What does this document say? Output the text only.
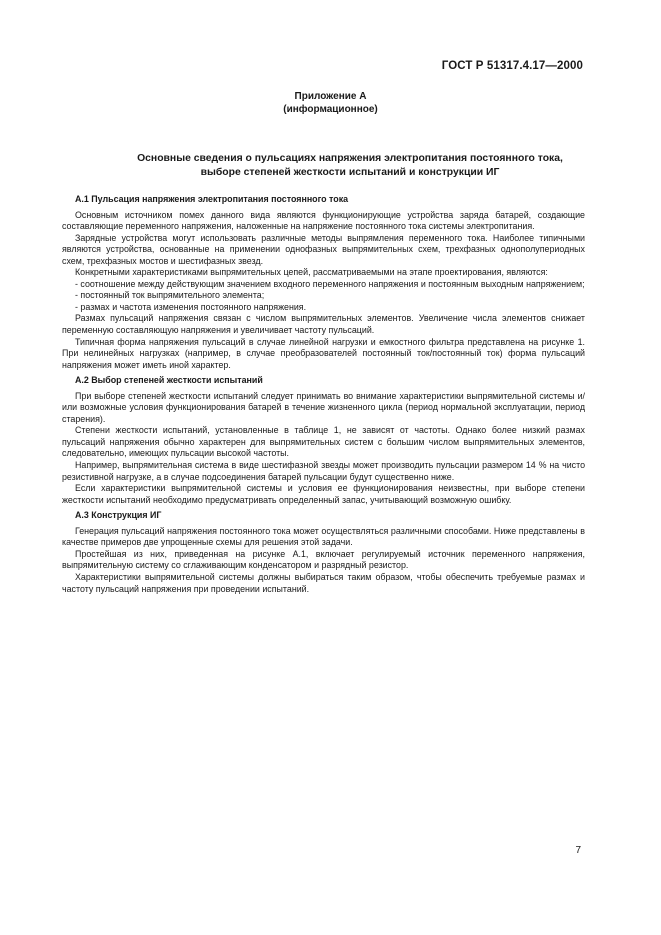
ГОСТ Р 51317.4.17—2000
Приложение А
(информационное)
Основные сведения о пульсациях напряжения электропитания постоянного тока,
выборе степеней жесткости испытаний и конструкции ИГ

А.1 Пульсация напряжения электропитания постоянного тока

Основным источником помех данного вида являются функционирующие устройства заряда батарей, создающие составляющие переменного напряжения, наложенные на напряжение постоянного тока системы электропитания.

Зарядные устройства могут использовать различные методы выпрямления переменного тока. Наиболее типичными являются устройства, основанные на применении однофазных выпрямительных схем, трехфазных однополупериодных схем, трехфазных мостов и шестифазных звезд.

Конкретными характеристиками выпрямительных цепей, рассматриваемыми на этапе проектирования, являются:

- соотношение между действующим значением входного переменного напряжения и постоянным выходным напряжением;

- постоянный ток выпрямительного элемента;

- размах и частота изменения постоянного напряжения.

Размах пульсаций напряжения связан с числом выпрямительных элементов. Увеличение числа элементов снижает переменную составляющую напряжения и увеличивает частоту пульсаций.

Типичная форма напряжения пульсаций в случае линейной нагрузки и емкостного фильтра представлена на рисунке 1. При нелинейных нагрузках (например, в случае преобразователей постоянный ток/постоянный ток) форма пульсаций напряжения может иметь иной характер.

А.2 Выбор степеней жесткости испытаний

При выборе степеней жесткости испытаний следует принимать во внимание характеристики выпрямительной системы и/или возможные условия функционирования батарей в течение жизненного цикла (период нормальной эксплуатации, период старения).

Степени жесткости испытаний, установленные в таблице 1, не зависят от частоты. Однако более низкий размах пульсаций напряжения обычно характерен для выпрямительных систем с большим числом выпрямительных элементов, следовательно, имеющих пульсации высокой частоты.

Например, выпрямительная система в виде шестифазной звезды может производить пульсации размером 14 % на чисто резистивной нагрузке, а в случае подсоединения батарей пульсации будут существенно ниже.

Если характеристики выпрямительной системы и условия ее функционирования неизвестны, при выборе степени жесткости испытаний необходимо предусматривать определенный запас, учитывающий возможную ошибку.

А.3 Конструкция ИГ

Генерация пульсаций напряжения постоянного тока может осуществляться различными способами. Ниже представлены в качестве примеров две упрощенные схемы для решения этой задачи.

Простейшая из них, приведенная на рисунке А.1, включает регулируемый источник переменного напряжения, выпрямительную систему со сглаживающим конденсатором и разрядный резистор.

Характеристики выпрямительной системы должны выбираться таким образом, чтобы обеспечить требуемые размах и частоту пульсаций напряжения при проведении испытаний.

7
